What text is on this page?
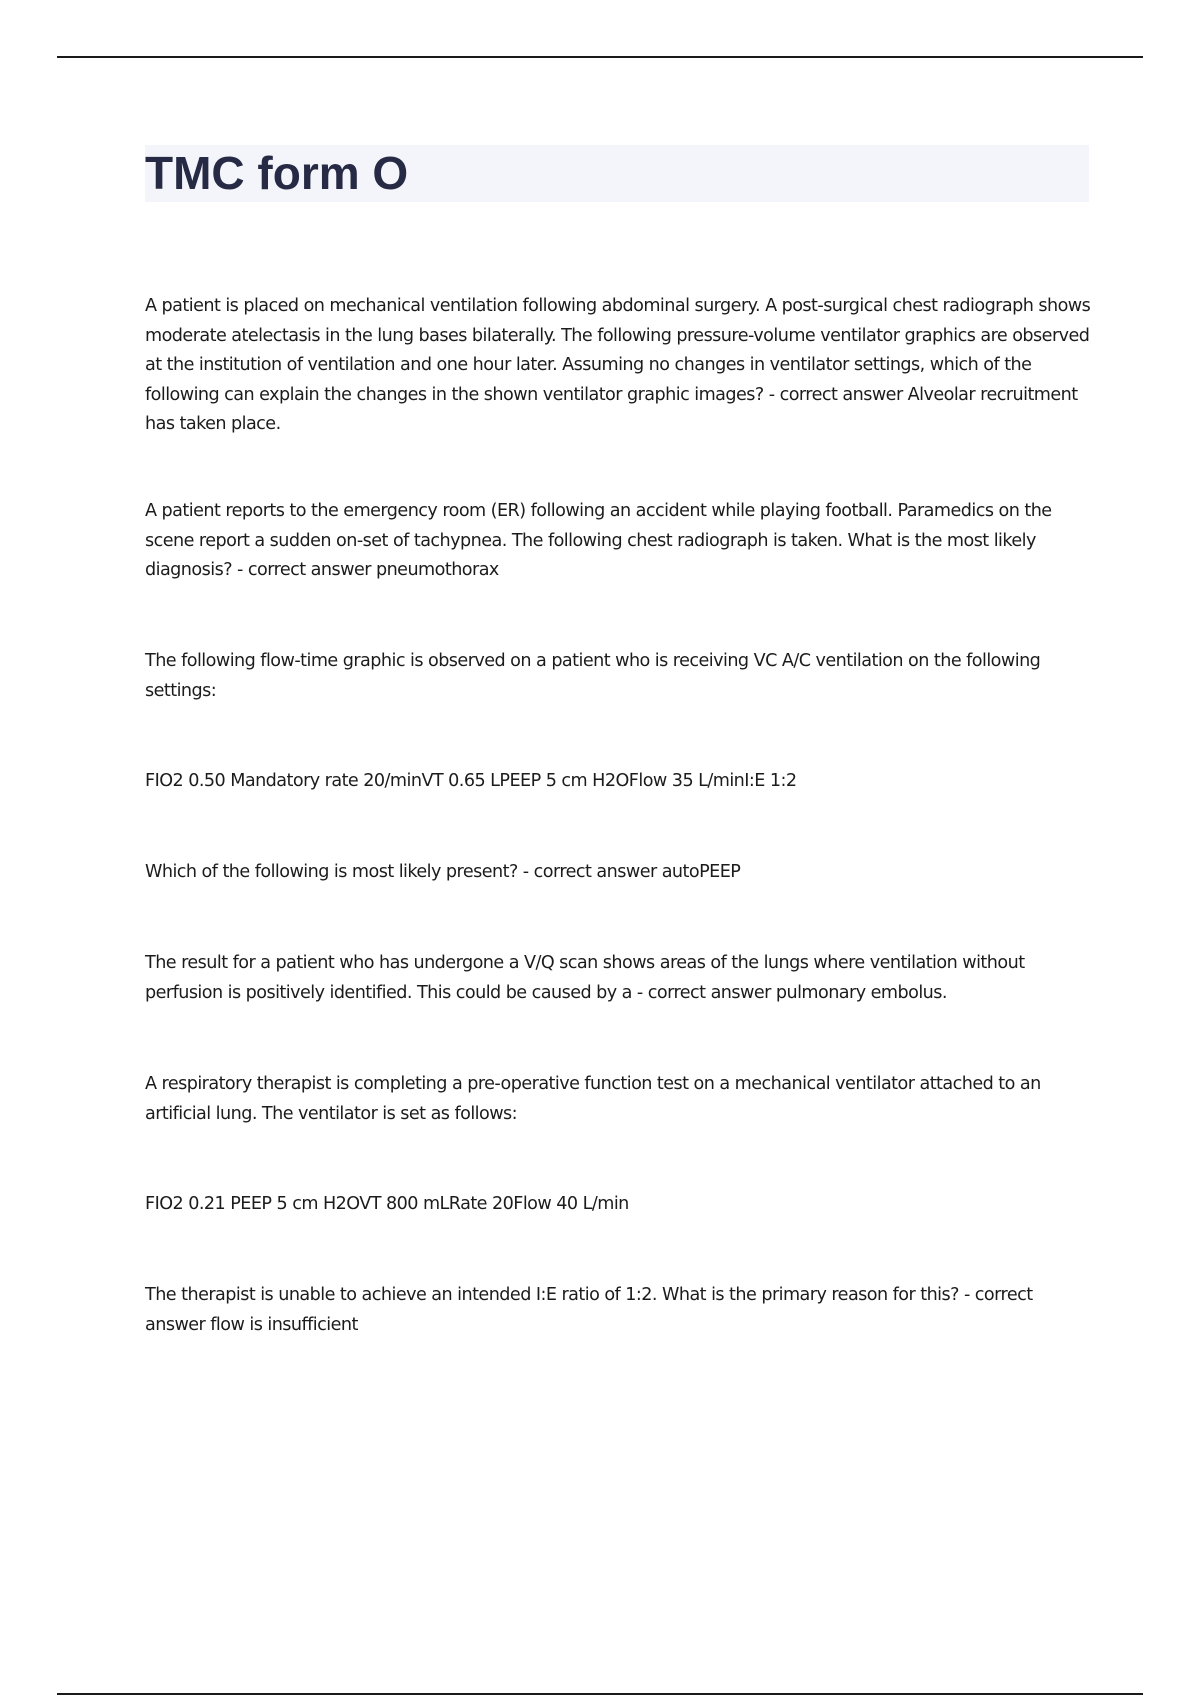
TMC form O

A patient is placed on mechanical ventilation following abdominal surgery. A post-surgical chest radiograph shows moderate atelectasis in the lung bases bilaterally. The following pressure-volume ventilator graphics are observed at the institution of ventilation and one hour later. Assuming no changes in ventilator settings, which of the following can explain the changes in the shown ventilator graphic images? - correct answer Alveolar recruitment has taken place.

A patient reports to the emergency room (ER) following an accident while playing football. Paramedics on the scene report a sudden on-set of tachypnea. The following chest radiograph is taken. What is the most likely diagnosis? - correct answer pneumothorax

The following flow-time graphic is observed on a patient who is receiving VC A/C ventilation on the following settings:

FIO2 0.50 Mandatory rate 20/minVT 0.65 LPEEP 5 cm H2OFlow 35 L/minI:E 1:2

Which of the following is most likely present? - correct answer autoPEEP

The result for a patient who has undergone a V/Q scan shows areas of the lungs where ventilation without perfusion is positively identified. This could be caused by a - correct answer pulmonary embolus.

A respiratory therapist is completing a pre-operative function test on a mechanical ventilator attached to an artificial lung. The ventilator is set as follows:

FIO2 0.21 PEEP 5 cm H2OVT 800 mLRate 20Flow 40 L/min

The therapist is unable to achieve an intended I:E ratio of 1:2. What is the primary reason for this? - correct answer flow is insufficient
